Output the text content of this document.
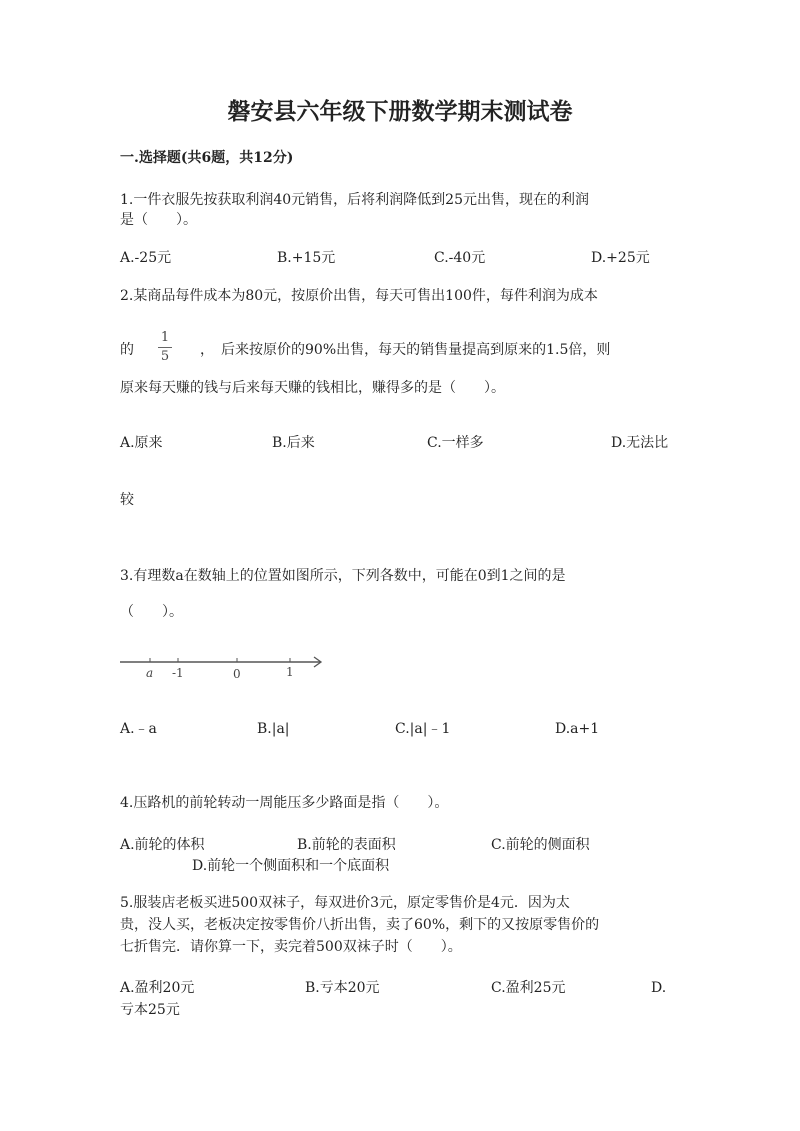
磐安县六年级下册数学期末测试卷
一.选择题(共6题，共12分)
1.一件衣服先按获取利润40元销售，后将利润降低到25元出售，现在的利润
是（　　）。
A.-25元	B.+15元	C.-40元	D.+25元
2.某商品每件成本为80元，按原价出售，每天可售出100件，每件利润为成本
的
1
5 ，　后来按原价的90%出售，每天的销售量提高到原来的1.5倍，则
原来每天赚的钱与后来每天赚的钱相比，赚得多的是（　　）。
A.原来	B.后来	C.一样多	D.无法比
较
3.有理数a在数轴上的位置如图所示，下列各数中，可能在0到1之间的是
（　　）。
a -1	0	1
A.﹣a	B.|a|	C.|a|﹣1	D.a+1
4.压路机的前轮转动一周能压多少路面是指（　　）。
A.前轮的体积	B.前轮的表面积	C.前轮的侧面积
D.前轮一个侧面积和一个底面积
5.服装店老板买进500双袜子，每双进价3元，原定零售价是4元．因为太
贵，没人买，老板决定按零售价八折出售，卖了60%，剩下的又按原零售价的
七折售完．请你算一下，卖完着500双袜子时（　　）。
A.盈利20元	B.亏本20元	C.盈利25元	D.
亏本25元
